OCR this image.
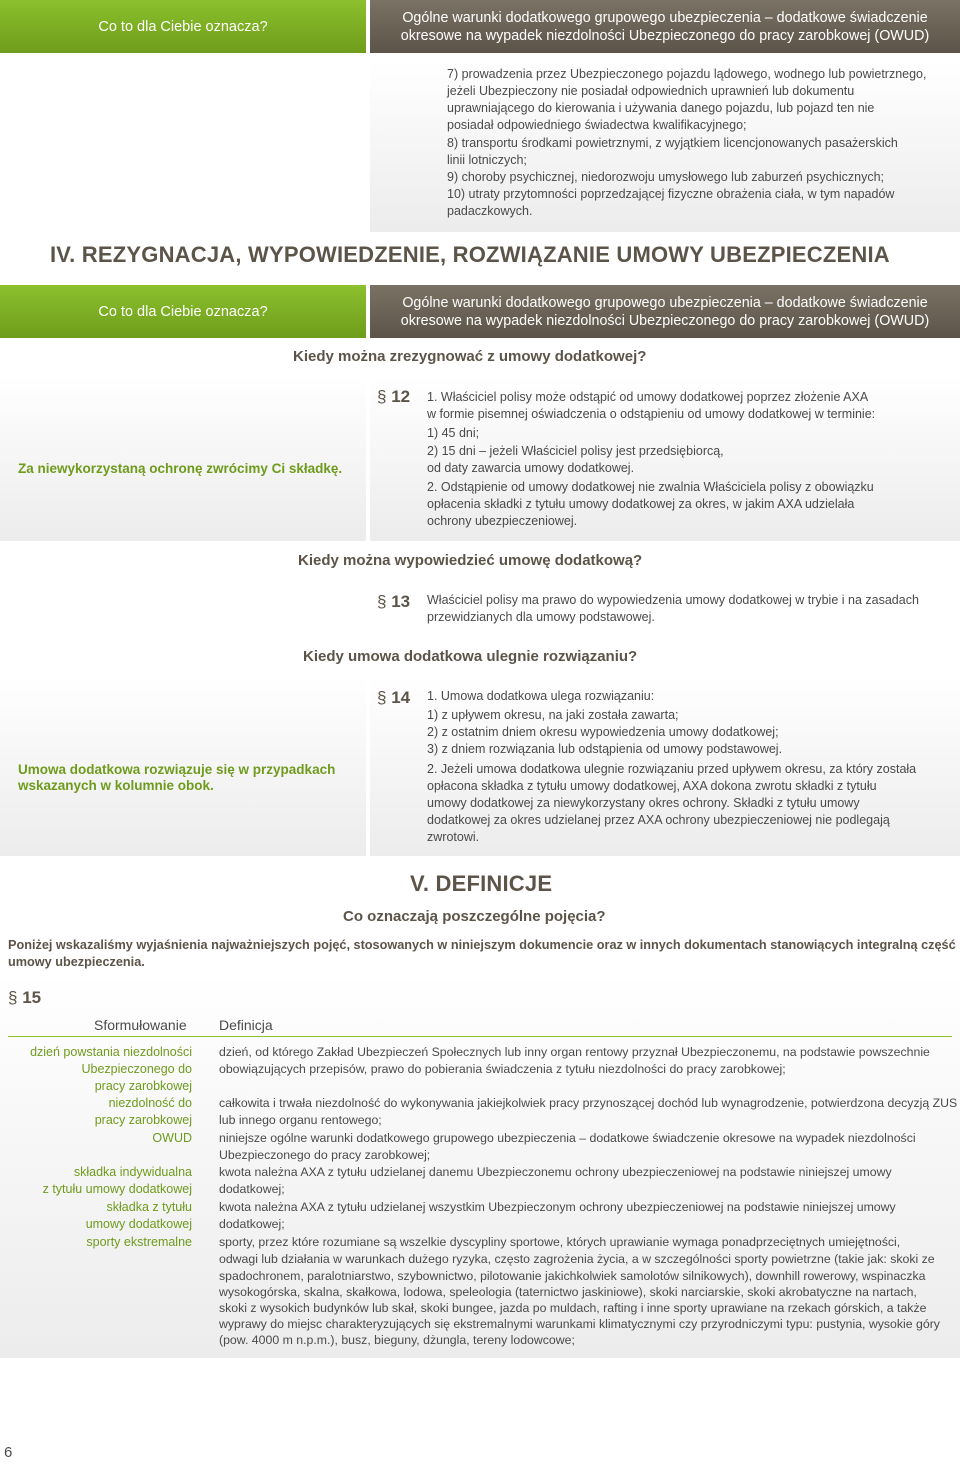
Co to dla Ciebie oznacza?
Ogólne warunki dodatkowego grupowego ubezpieczenia – dodatkowe świadczenie
okresowe na wypadek niezdolności Ubezpieczonego do pracy zarobkowej (OWUD)
7) prowadzenia przez Ubezpieczonego pojazdu lądowego, wodnego lub powietrznego,
jeżeli Ubezpieczony nie posiadał odpowiednich uprawnień lub dokumentu
uprawniającego do kierowania i używania danego pojazdu, lub pojazd ten nie
posiadał odpowiedniego świadectwa kwalifikacyjnego;
8) transportu środkami powietrznymi, z wyjątkiem licencjonowanych pasażerskich
linii lotniczych;
9) choroby psychicznej, niedorozwoju umysłowego lub zaburzeń psychicznych;
10) utraty przytomności poprzedzającej fizyczne obrażenia ciała, w tym napadów
padaczkowych.
IV. REZYGNACJA, WYPOWIEDZENIE, ROZWIĄZANIE UMOWY UBEZPIECZENIA
Co to dla Ciebie oznacza?
Ogólne warunki dodatkowego grupowego ubezpieczenia – dodatkowe świadczenie
okresowe na wypadek niezdolności Ubezpieczonego do pracy zarobkowej (OWUD)
Kiedy można zrezygnować z umowy dodatkowej?
Za niewykorzystaną ochronę zwrócimy Ci składkę.
§ 12 1. Właściciel polisy może odstąpić od umowy dodatkowej poprzez złożenie AXA
w formie pisemnej oświadczenia o odstąpieniu od umowy dodatkowej w terminie:
1) 45 dni;
2) 15 dni – jeżeli Właściciel polisy jest przedsiębiorcą,
od daty zawarcia umowy dodatkowej.
2. Odstąpienie od umowy dodatkowej nie zwalnia Właściciela polisy z obowiązku
opłacenia składki z tytułu umowy dodatkowej za okres, w jakim AXA udzielała
ochrony ubezpieczeniowej.
Kiedy można wypowiedzieć umowę dodatkową?
§ 13 Właściciel polisy ma prawo do wypowiedzenia umowy dodatkowej w trybie i na zasadach
przewidzianych dla umowy podstawowej.
Kiedy umowa dodatkowa ulegnie rozwiązaniu?
Umowa dodatkowa rozwiązuje się w przypadkach
wskazanych w kolumnie obok.
§ 14 1. Umowa dodatkowa ulega rozwiązaniu:
1) z upływem okresu, na jaki została zawarta;
2) z ostatnim dniem okresu wypowiedzenia umowy dodatkowej;
3) z dniem rozwiązania lub odstąpienia od umowy podstawowej.
2. Jeżeli umowa dodatkowa ulegnie rozwiązaniu przed upływem okresu, za który została
opłacona składka z tytułu umowy dodatkowej, AXA dokona zwrotu składki z tytułu
umowy dodatkowej za niewykorzystany okres ochrony. Składki z tytułu umowy
dodatkowej za okres udzielanej przez AXA ochrony ubezpieczeniowej nie podlegają
zwrotowi.
V. DEFINICJE
Co oznaczają poszczególne pojęcia?
Poniżej wskazaliśmy wyjaśnienia najważniejszych pojęć, stosowanych w niniejszym dokumencie oraz w innych dokumentach stanowiących integralną część
umowy ubezpieczenia.
§ 15
Sformułowanie Definicja
dzień powstania niezdolności
Ubezpieczonego do
pracy zarobkowej
dzień, od którego Zakład Ubezpieczeń Społecznych lub inny organ rentowy przyznał Ubezpieczonemu, na podstawie powszechnie
obowiązujących przepisów, prawo do pobierania świadczenia z tytułu niezdolności do pracy zarobkowej;
niezdolność do
pracy zarobkowej
całkowita i trwała niezdolność do wykonywania jakiejkolwiek pracy przynoszącej dochód lub wynagrodzenie, potwierdzona decyzją ZUS
lub innego organu rentowego;
OWUD niniejsze ogólne warunki dodatkowego grupowego ubezpieczenia – dodatkowe świadczenie okresowe na wypadek niezdolności
Ubezpieczonego do pracy zarobkowej;
składka indywidualna
z tytułu umowy dodatkowej
kwota należna AXA z tytułu udzielanej danemu Ubezpieczonemu ochrony ubezpieczeniowej na podstawie niniejszej umowy
dodatkowej;
składka z tytułu
umowy dodatkowej
kwota należna AXA z tytułu udzielanej wszystkim Ubezpieczonym ochrony ubezpieczeniowej na podstawie niniejszej umowy
dodatkowej;
sporty ekstremalne sporty, przez które rozumiane są wszelkie dyscypliny sportowe, których uprawianie wymaga ponadprzeciętnych umiejętności,
odwagi lub działania w warunkach dużego ryzyka, często zagrożenia życia, a w szczególności sporty powietrzne (takie jak: skoki ze
spadochronem, paralotniarstwo, szybownictwo, pilotowanie jakichkolwiek samolotów silnikowych), downhill rowerowy, wspinaczka
wysokogórska, skalna, skałkowa, lodowa, speleologia (taternictwo jaskiniowe), skoki narciarskie, skoki akrobatyczne na nartach,
skoki z wysokich budynków lub skał, skoki bungee, jazda po muldach, rafting i inne sporty uprawiane na rzekach górskich, a także
wyprawy do miejsc charakteryzujących się ekstremalnymi warunkami klimatycznymi czy przyrodniczymi typu: pustynia, wysokie góry
(pow. 4000 m n.p.m.), busz, bieguny, dżungla, tereny lodowcowe;
6
